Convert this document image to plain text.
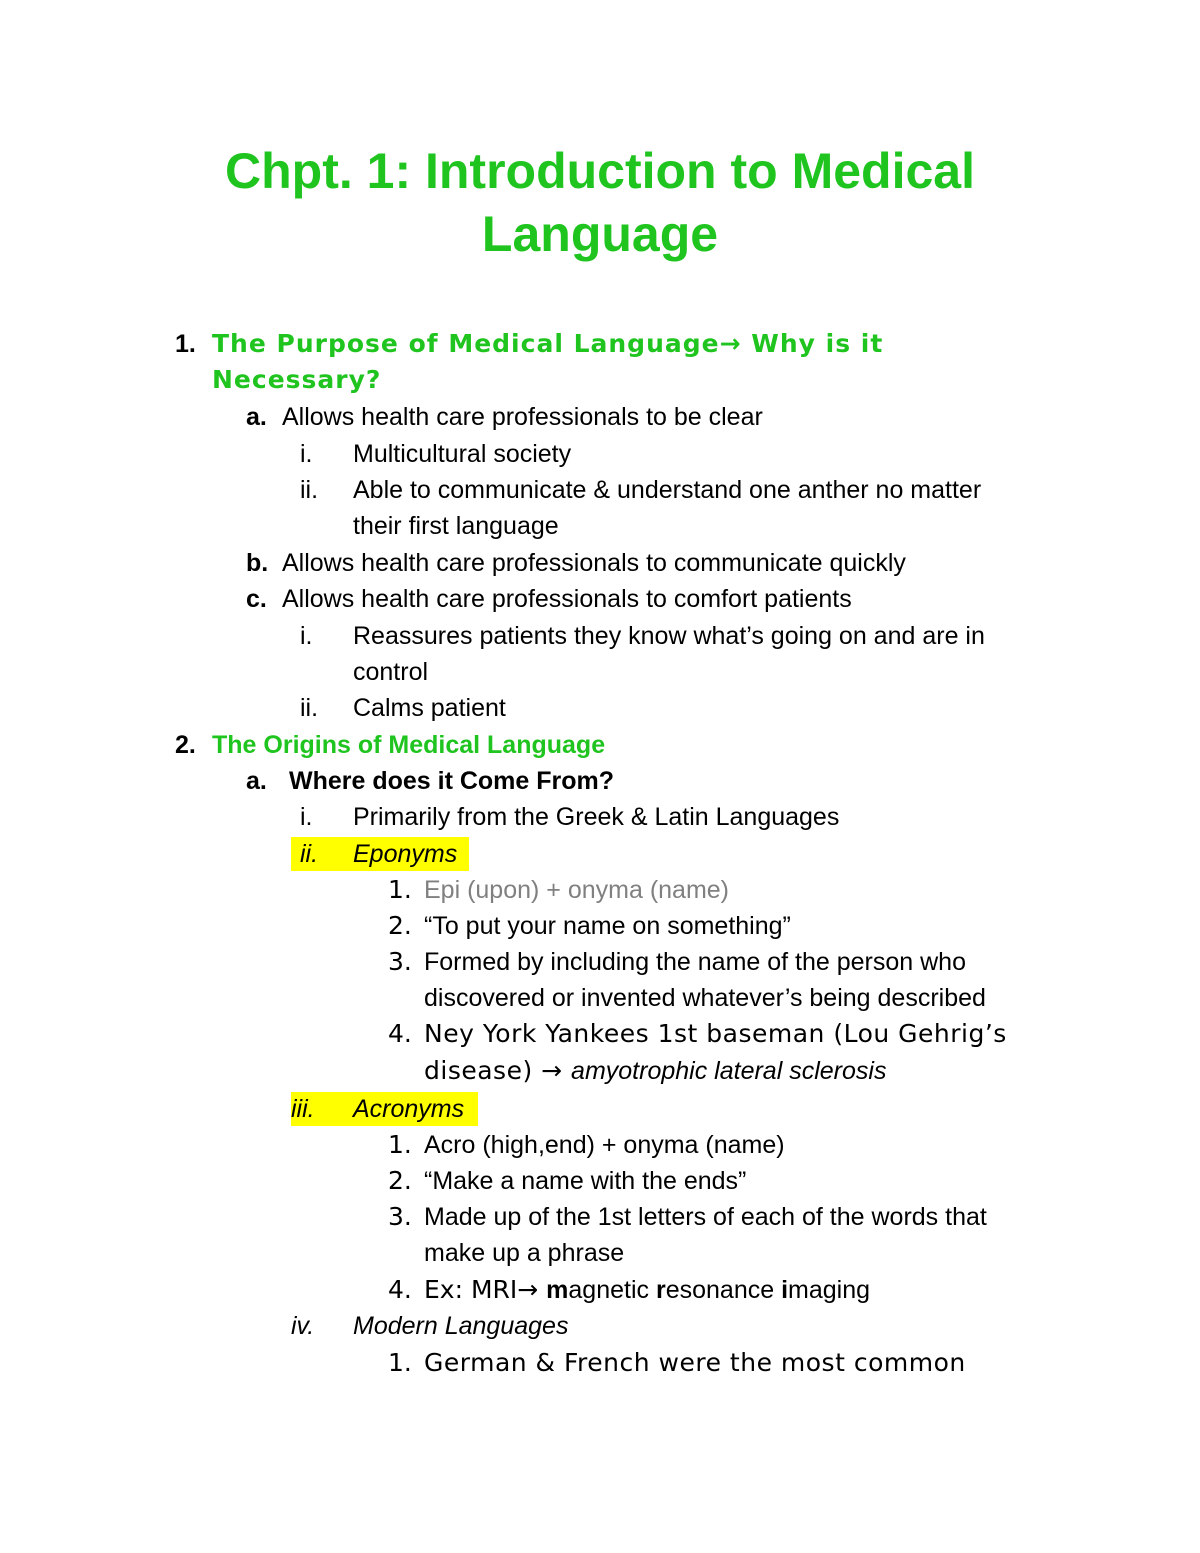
Chpt. 1: Introduction to Medical
Language
1. The Purpose of Medical Language→ Why is it
Necessary?
a. Allows health care professionals to be clear
i. Multicultural society
ii. Able to communicate & understand one anther no matter
their first language
b. Allows health care professionals to communicate quickly
c. Allows health care professionals to comfort patients
i. Reassures patients they know what’s going on and are in
control
ii. Calms patient
2. The Origins of Medical Language
a. Where does it Come From?
i. Primarily from the Greek & Latin Languages
ii. Eponyms
1. Epi (upon) + onyma (name)
2. “To put your name on something”
3. Formed by including the name of the person who
discovered or invented whatever’s being described
4. Ney York Yankees 1st baseman (Lou Gehrig’s
disease) → amyotrophic lateral sclerosis
iii. Acronyms
1. Acro (high,end) + onyma (name)
2. “Make a name with the ends”
3. Made up of the 1st letters of each of the words that
make up a phrase
4. Ex: MRI→ magnetic resonance imaging
iv. Modern Languages
1. German & French were the most common
